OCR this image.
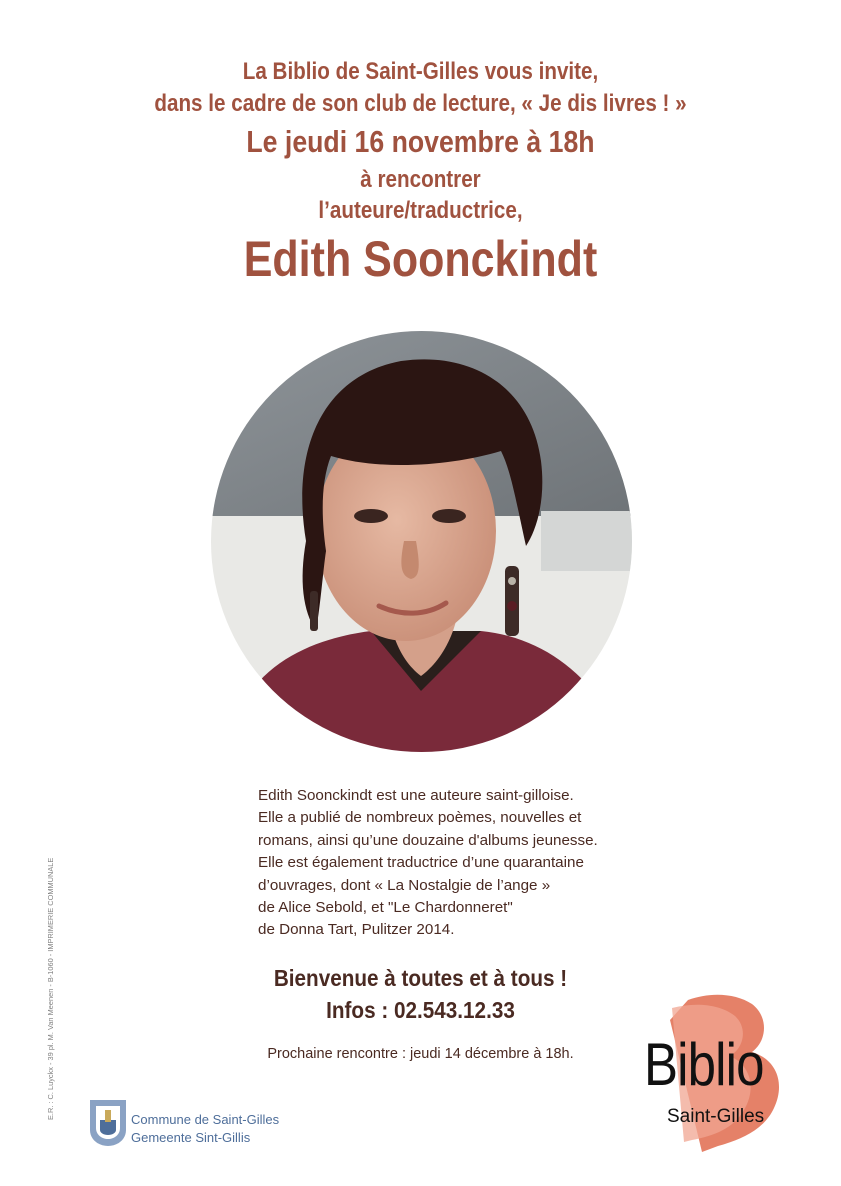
La Biblio de Saint-Gilles vous invite,
dans le cadre de son club de lecture, « Je dis livres ! »
Le jeudi 16 novembre à 18h
à rencontrer
l’auteure/traductrice,
Edith Soonckindt
Edith Soonckindt est une auteure saint-gilloise.
Elle a publié de nombreux poèmes, nouvelles et
romans, ainsi qu’une douzaine d'albums jeunesse.
Elle est également traductrice d’une quarantaine
d’ouvrages, dont « La Nostalgie de l’ange »
de Alice Sebold, et "Le Chardonneret"
de Donna Tart, Pulitzer 2014.
Bienvenue à toutes et à tous !
Infos : 02.543.12.33
Prochaine rencontre : jeudi 14 décembre à 18h.
E.R. : C. Luyckx - 39 pl. M. Van Meenen - B-1060 - IMPRIMERIE COMMUNALE	Commune de Saint-Gilles
Gemeente Sint-Gillis
Biblio
Saint-Gilles
